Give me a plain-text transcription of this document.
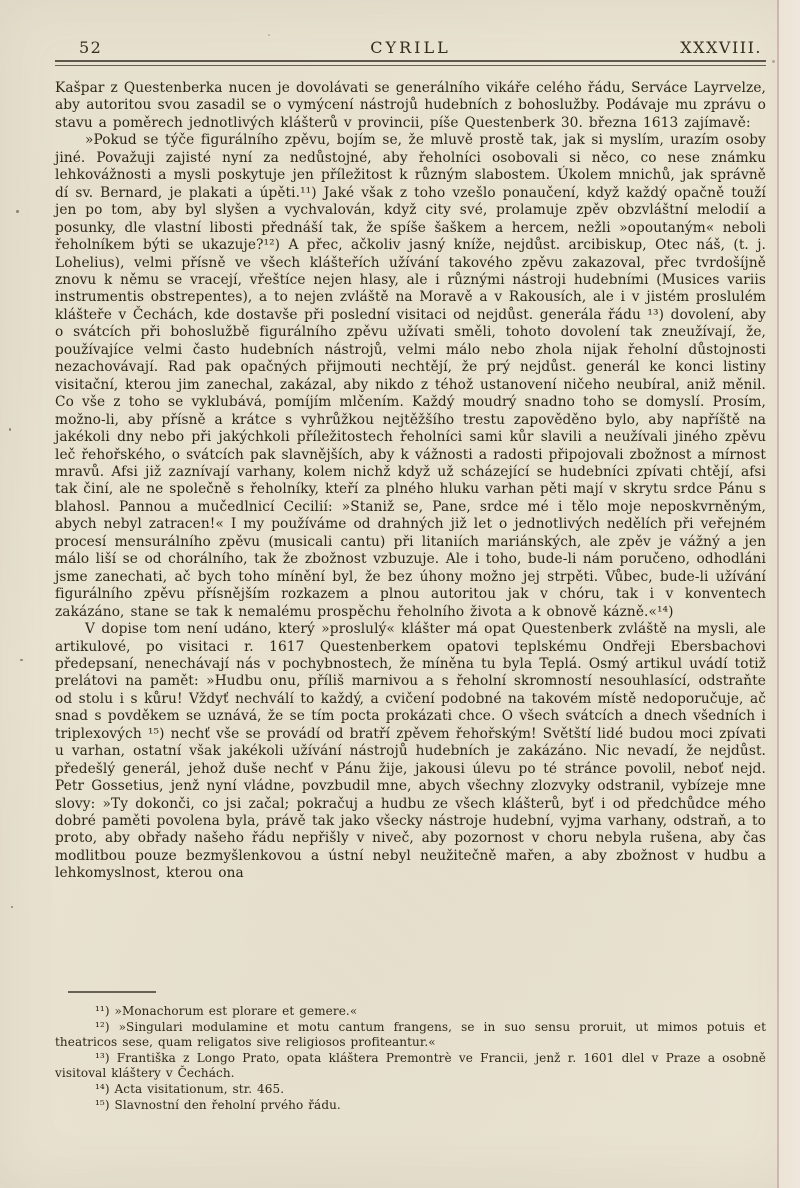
52	CYRILL	XXXVIII.

Kašpar z Questenberka nucen je dovolávati se generálního vikáře celého řádu, Serváce Layrvelze, aby autoritou svou zasadil se o vymýcení nástrojů hudebních z bohoslužby. Podávaje mu zprávu o stavu a poměrech jednotlivých klášterů v provincii, píše Questenberk 30. března 1613 zajímavě:

»Pokud se týče figurálního zpěvu, bojím se, že mluvě prostě tak, jak si myslím, urazím osoby jiné. Považuji zajisté nyní za nedůstojné, aby řeholníci osobovali si něco, co nese známku lehkovážnosti a mysli poskytuje jen příležitost k různým slabostem. Úkolem mnichů, jak správně dí sv. Bernard, je plakati a úpěti.¹¹) Jaké však z toho vzešlo ponaučení, když každý opačně touží jen po tom, aby byl slyšen a vychvalován, když city své, prolamuje zpěv obzvláštní melodií a posunky, dle vlastní libosti přednáší tak, že spíše šaškem a hercem, nežli »opoutaným« neboli řeholníkem býti se ukazuje?¹²) A přec, ačkoliv jasný kníže, nejdůst. arcibiskup, Otec náš, (t. j. Lohelius), velmi přísně ve všech klášteřích užívání takového zpěvu zakazoval, přec tvrdošíjně znovu k němu se vracejí, vřeštíce nejen hlasy, ale i různými nástroji hudebními (Musices variis instrumentis obstrepentes), a to nejen zvláště na Moravě a v Rakousích, ale i v jistém proslulém klášteře v Čechách, kde dostavše při poslední visitaci od nejdůst. generála řádu ¹³) dovolení, aby o svátcích při bohoslužbě figurálního zpěvu užívati směli, tohoto dovolení tak zneužívají, že, používajíce velmi často hudebních nástrojů, velmi málo nebo zhola nijak řeholní důstojnosti nezachovávají. Rad pak opačných přijmouti nechtějí, že prý nejdůst. generál ke konci listiny visitační, kterou jim zanechal, zakázal, aby nikdo z téhož ustanovení ničeho neubíral, aniž měnil. Co vše z toho se vyklubává, pomíjím mlčením. Každý moudrý snadno toho se domyslí. Prosím, možno-li, aby přísně a krátce s vyhrůžkou nejtěžšího trestu zapověděno bylo, aby napříště na jakékoli dny nebo při jakýchkoli příležitostech řeholníci sami kůr slavili a neužívali jiného zpěvu leč řehořského, o svátcích pak slavnějších, aby k vážnosti a radosti připojovali zbožnost a mírnost mravů. Afsi již zaznívají varhany, kolem nichž když už scházející se hudebníci zpívati chtějí, afsi tak činí, ale ne společně s řeholníky, kteří za plného hluku varhan pěti mají v skrytu srdce Pánu s blahosl. Pannou a mučedlnicí Cecilií: »Staniž se, Pane, srdce mé i tělo moje neposkvrněným, abych nebyl zatracen!« I my používáme od drahných již let o jednotlivých nedělích při veřejném procesí mensurálního zpěvu (musicali cantu) při litaniích mariánských, ale zpěv je vážný a jen málo liší se od chorálního, tak že zbožnost vzbuzuje. Ale i toho, bude-li nám poručeno, odhodláni jsme zanechati, ač bych toho mínění byl, že bez úhony možno jej strpěti. Vůbec, bude-li užívání figurálního zpěvu přísnějším rozkazem a plnou autoritou jak v chóru, tak i v konventech zakázáno, stane se tak k nemalému prospěchu řeholního života a k obnově kázně.«¹⁴)

V dopise tom není udáno, který »proslulý« klášter má opat Questenberk zvláště na mysli, ale artikulové, po visitaci r. 1617 Questenberkem opatovi teplskému Ondřeji Ebersbachovi předepsaní, nenechávají nás v pochybnostech, že míněna tu byla Teplá. Osmý artikul uvádí totiž prelátovi na pamět: »Hudbu onu, příliš marnivou a s řeholní skromností nesouhlasící, odstraňte od stolu i s kůru! Vždyť nechválí to každý, a cvičení podobné na takovém místě nedoporučuje, ač snad s povděkem se uznává, že se tím pocta prokázati chce. O všech svátcích a dnech všedních i triplexových ¹⁵) nechť vše se provádí od bratří zpěvem řehořským! Světští lidé budou moci zpívati u varhan, ostatní však jakékoli užívání nástrojů hudebních je zakázáno. Nic nevadí, že nejdůst. předešlý generál, jehož duše nechť v Pánu žije, jakousi úlevu po té stránce povolil, neboť nejd. Petr Gossetius, jenž nyní vládne, povzbudil mne, abych všechny zlozvyky odstranil, vybízeje mne slovy: »Ty dokonči, co jsi začal; pokračuj a hudbu ze všech klášterů, byť i od předchůdce mého dobré paměti povolena byla, právě tak jako všecky nástroje hudební, vyjma varhany, odstraň, a to proto, aby obřady našeho řádu nepřišly v niveč, aby pozornost v choru nebyla rušena, aby čas modlitbou pouze bezmyšlenkovou a ústní nebyl neužitečně mařen, a aby zbožnost v hudbu a lehkomyslnost, kterou ona

¹¹) »Monachorum est plorare et gemere.«

¹²) »Singulari modulamine et motu cantum frangens, se in suo sensu proruit, ut mimos potuis et theatricos sese, quam religatos sive religiosos profiteantur.«

¹³) Františka z Longo Prato, opata kláštera Premontrè ve Francii, jenž r. 1601 dlel v Praze a osobně visitoval kláštery v Čechách.

¹⁴) Acta visitationum, str. 465.

¹⁵) Slavnostní den řeholní prvého řádu.
